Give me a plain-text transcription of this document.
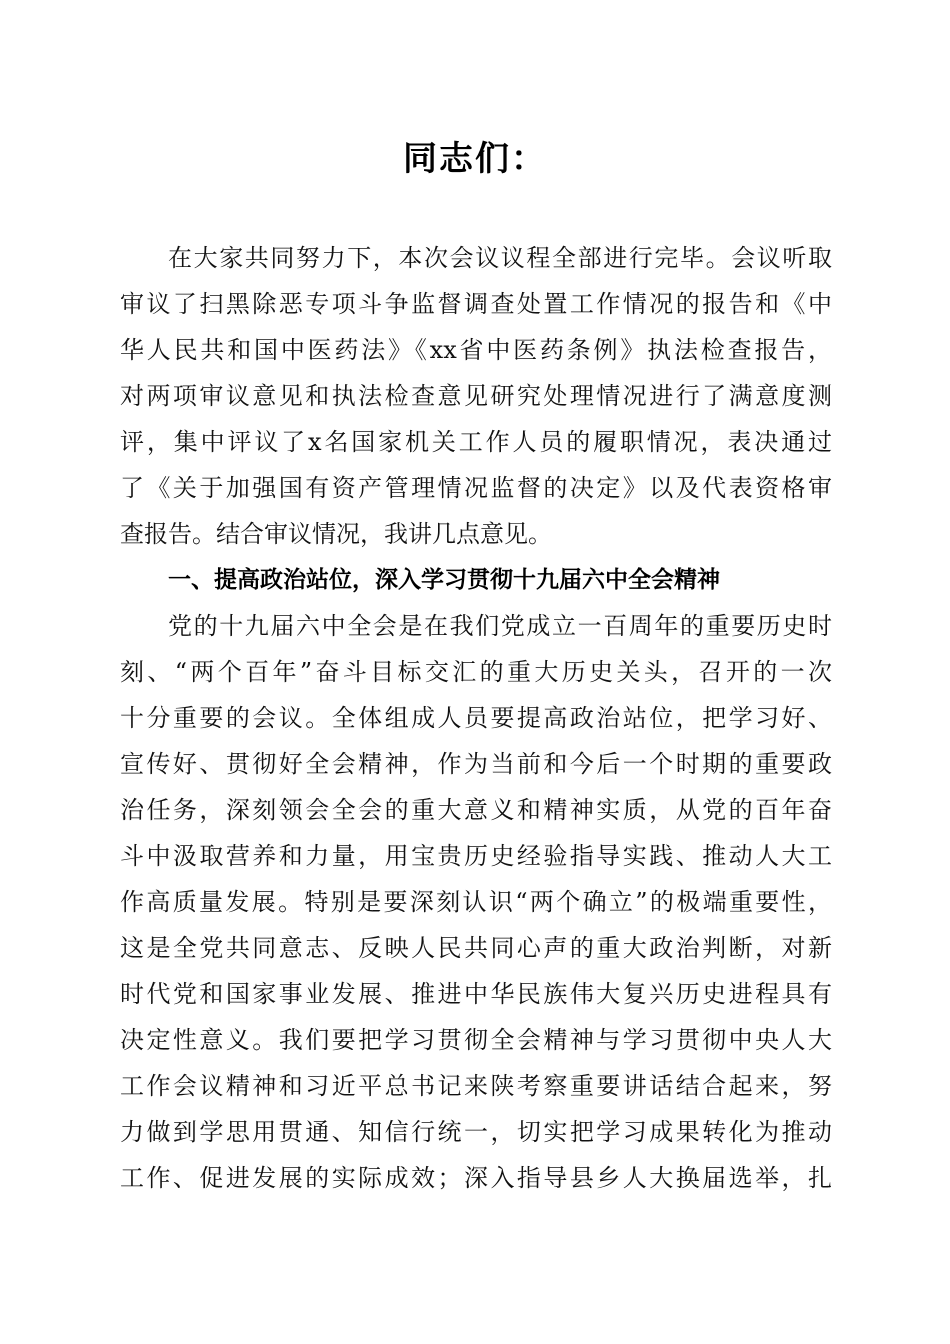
同志们：
在大家共同努力下，本次会议议程全部进行完毕。会议听取
审议了扫黑除恶专项斗争监督调查处置工作情况的报告和《中
华人民共和国中医药法》《xx省中医药条例》执法检查报告，
对两项审议意见和执法检查意见研究处理情况进行了满意度测
评，集中评议了x名国家机关工作人员的履职情况，表决通过
了《关于加强国有资产管理情况监督的决定》以及代表资格审
查报告。结合审议情况，我讲几点意见。
一、提高政治站位，深入学习贯彻十九届六中全会精神
党的十九届六中全会是在我们党成立一百周年的重要历史时
刻、“两个百年”奋斗目标交汇的重大历史关头，召开的一次
十分重要的会议。全体组成人员要提高政治站位，把学习好、
宣传好、贯彻好全会精神，作为当前和今后一个时期的重要政
治任务，深刻领会全会的重大意义和精神实质，从党的百年奋
斗中汲取营养和力量，用宝贵历史经验指导实践、推动人大工
作高质量发展。特别是要深刻认识“两个确立”的极端重要性，
这是全党共同意志、反映人民共同心声的重大政治判断，对新
时代党和国家事业发展、推进中华民族伟大复兴历史进程具有
决定性意义。我们要把学习贯彻全会精神与学习贯彻中央人大
工作会议精神和习近平总书记来陕考察重要讲话结合起来，努
力做到学思用贯通、知信行统一，切实把学习成果转化为推动
工作、促进发展的实际成效；深入指导县乡人大换届选举，扎
